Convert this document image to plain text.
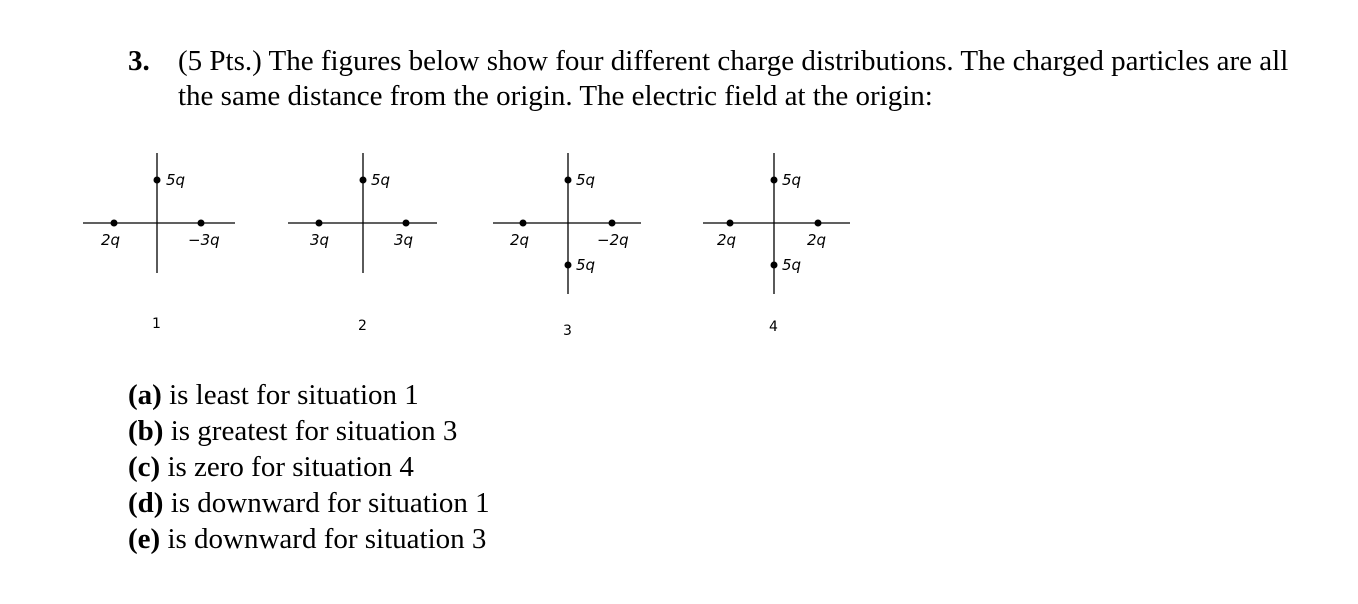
3. (5 Pts.) The figures below show four different charge distributions. The charged particles are all the same distance from the origin. The electric field at the origin:
5q
2q	−3q
1
5q
3q	3q
2
5q
2q	−2q
5q
3
5q
2q	2q
5q
4
(a) is least for situation 1
(b) is greatest for situation 3
(c) is zero for situation 4
(d) is downward for situation 1
(e) is downward for situation 3
